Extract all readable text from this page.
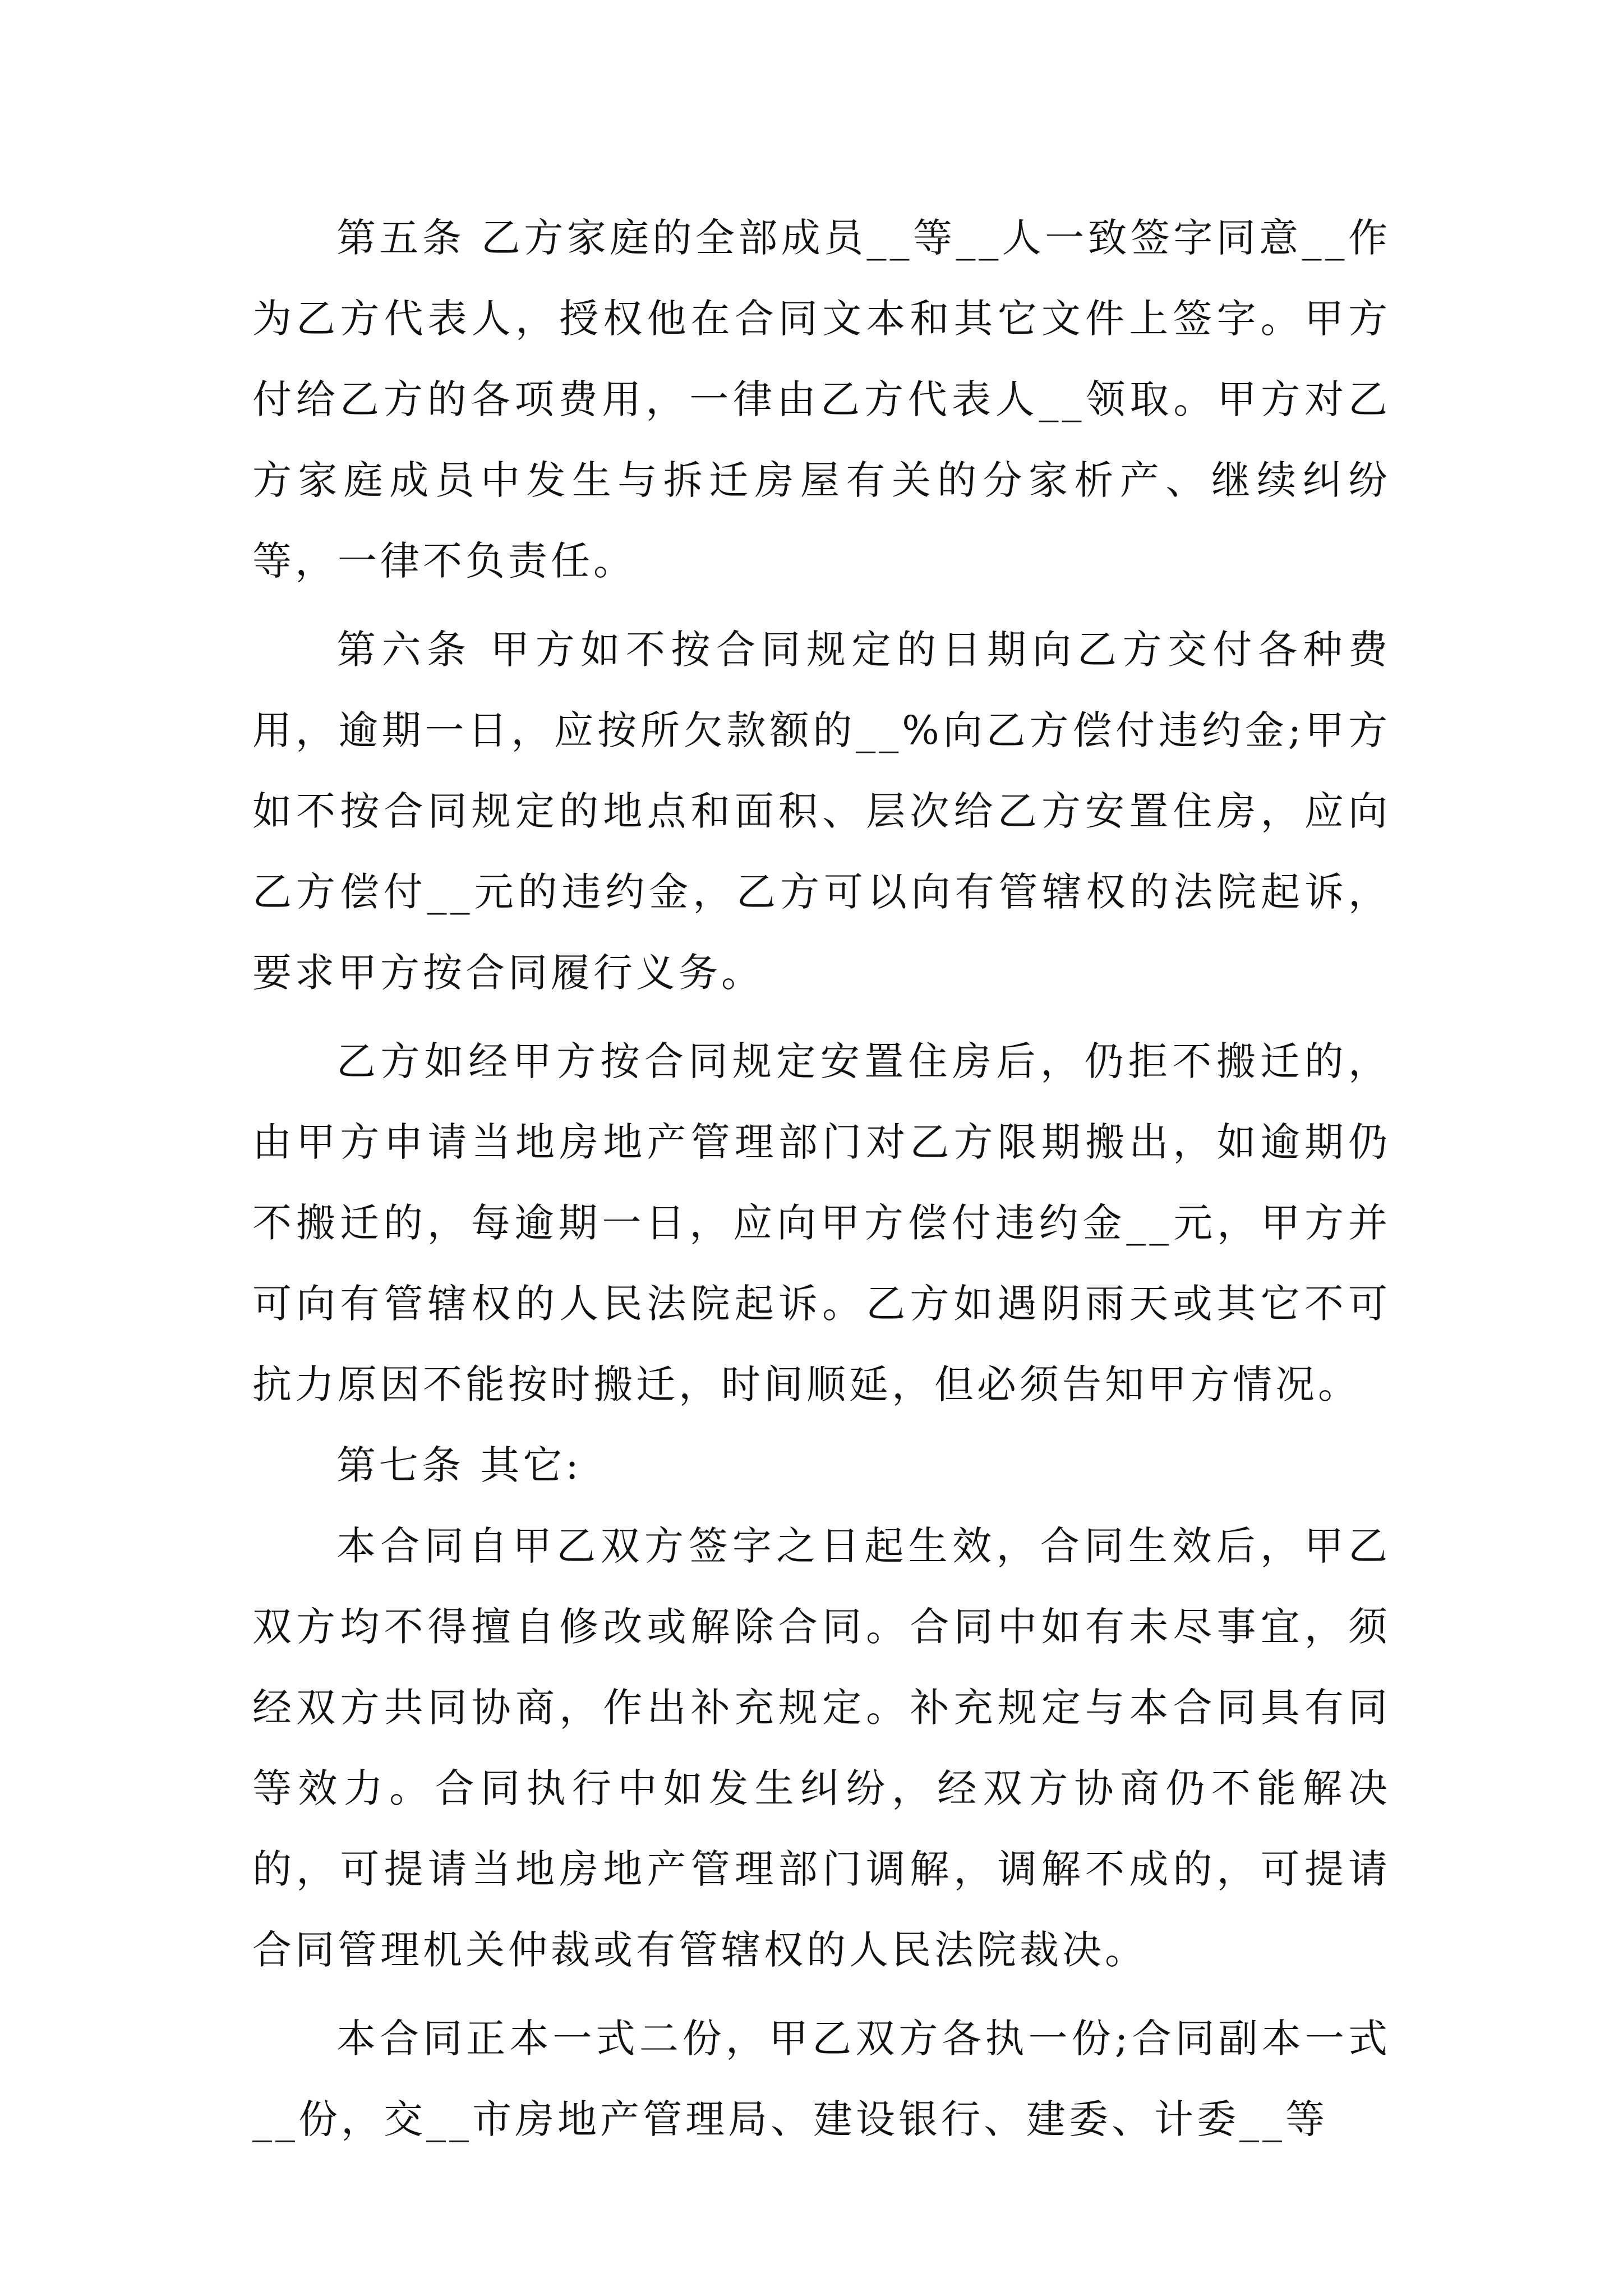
第五条 乙方家庭的全部成员__等__人一致签字同意__作为乙方代表人，授权他在合同文本和其它文件上签字。甲方付给乙方的各项费用，一律由乙方代表人__领取。甲方对乙方家庭成员中发生与拆迁房屋有关的分家析产、继续纠纷等，一律不负责任。

第六条 甲方如不按合同规定的日期向乙方交付各种费用，逾期一日，应按所欠款额的__%向乙方偿付违约金;甲方如不按合同规定的地点和面积、层次给乙方安置住房，应向乙方偿付__元的违约金，乙方可以向有管辖权的法院起诉，要求甲方按合同履行义务。

乙方如经甲方按合同规定安置住房后，仍拒不搬迁的，由甲方申请当地房地产管理部门对乙方限期搬出，如逾期仍不搬迁的，每逾期一日，应向甲方偿付违约金__元，甲方并可向有管辖权的人民法院起诉。乙方如遇阴雨天或其它不可抗力原因不能按时搬迁，时间顺延，但必须告知甲方情况。

第七条 其它:

本合同自甲乙双方签字之日起生效，合同生效后，甲乙双方均不得擅自修改或解除合同。合同中如有未尽事宜，须经双方共同协商，作出补充规定。补充规定与本合同具有同等效力。合同执行中如发生纠纷，经双方协商仍不能解决的，可提请当地房地产管理部门调解，调解不成的，可提请合同管理机关仲裁或有管辖权的人民法院裁决。

本合同正本一式二份，甲乙双方各执一份;合同副本一式__份，交__市房地产管理局、建设银行、建委、计委__等
